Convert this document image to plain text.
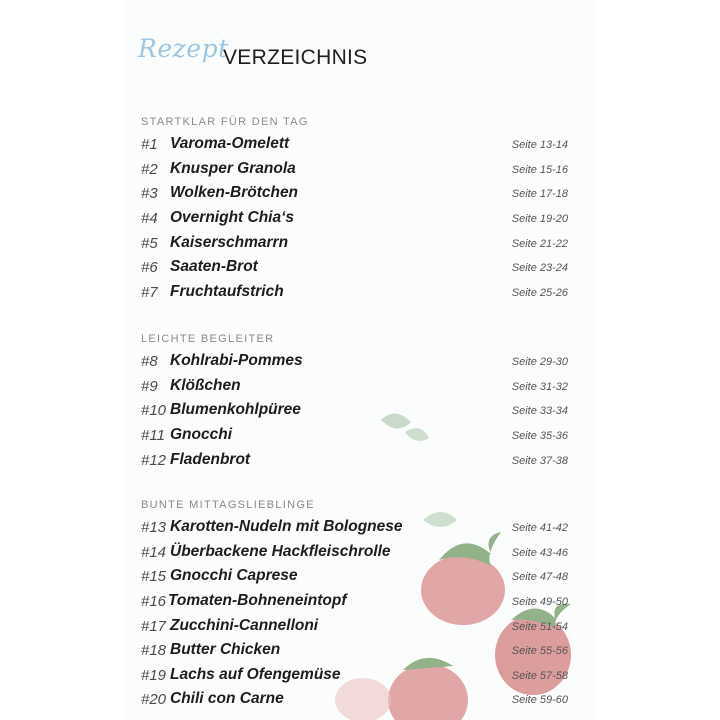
Rezept
VERZEICHNIS
STARTKLAR FÜR DEN TAG
#1 Varoma-Omelett	Seite 13-14
#2 Knusper Granola	Seite 15-16
#3 Wolken-Brötchen	Seite 17-18
#4 Overnight Chia‘s	Seite 19-20
#5 Kaiserschmarrn	Seite 21-22
#6 Saaten-Brot	Seite 23-24
#7 Fruchtaufstrich	Seite 25-26
LEICHTE BEGLEITER
#8 Kohlrabi-Pommes	Seite 29-30
#9 Klößchen	Seite 31-32
#10 Blumenkohlpüree	Seite 33-34
#11 Gnocchi	Seite 35-36
#12 Fladenbrot	Seite 37-38
BUNTE MITTAGSLIEBLINGE
#13 Karotten-Nudeln mit Bolognese	Seite 41-42
#14 Überbackene Hackfleischrolle	Seite 43-46
#15 Gnocchi Caprese	Seite 47-48
#16 Tomaten-Bohneneintopf	Seite 49-50
#17 Zucchini-Cannelloni	Seite 51-54
#18 Butter Chicken	Seite 55-56
#19 Lachs auf Ofengemüse	Seite 57-58
#20 Chili con Carne	Seite 59-60
